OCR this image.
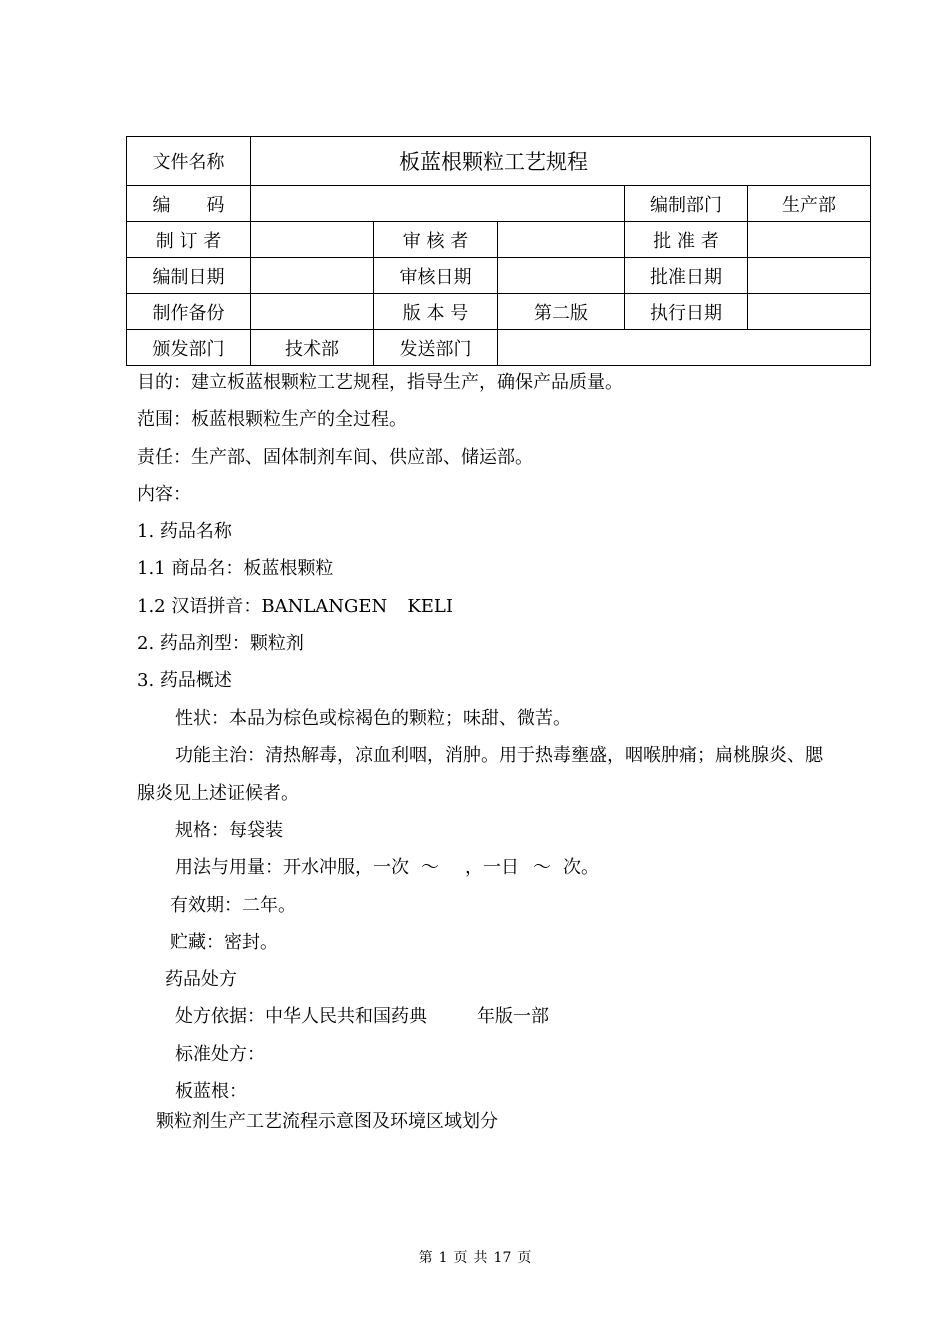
文件名称	板蓝根颗粒工艺规程				
编　　码				编制部门	生产部
制 订 者		审 核 者		批 准 者	
编制日期		审核日期		批准日期	
制作备份		版 本 号	第二版	执行日期	
颁发部门	技术部	发送部门			
目的：建立板蓝根颗粒工艺规程，指导生产，确保产品质量。
范围：板蓝根颗粒生产的全过程。
责任：生产部、固体制剂车间、供应部、储运部。
内容：
1. 药品名称
1.1 商品名：板蓝根颗粒
1.2 汉语拼音：BANLANGEN KELI
2. 药品剂型：颗粒剂
3. 药品概述
性状：本品为棕色或棕褐色的颗粒；味甜、微苦。
功能主治：清热解毒，凉血利咽，消肿。用于热毒壅盛，咽喉肿痛；扁桃腺炎、腮
腺炎见上述证候者。
规格：每袋装
用法与用量：开水冲服，一次 ～ ，一日 ～ 次。
有效期：二年。
贮藏：密封。
药品处方
处方依据：中华人民共和国药典	年版一部
标准处方：
板蓝根：
颗粒剂生产工艺流程示意图及环境区域划分
第 1 页 共 17 页
